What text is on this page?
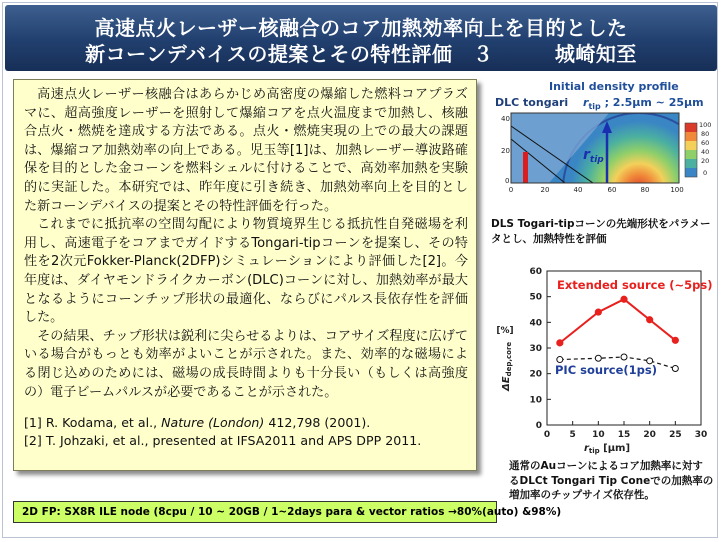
高速点火レーザー核融合のコア加熱効率向上を目的とした
新コーンデバイスの提案とその特性評価　３　　　城崎知至

高速点火レーザー核融合はあらかじめ高密度の爆縮した燃料コアプラズマに、超高強度レーザーを照射して爆縮コアを点火温度まで加熱し、核融合点火・燃焼を達成する方法である。点火・燃焼実現の上での最大の課題は、爆縮コア加熱効率の向上である。児玉等[1]は、加熱レーザー導波路確保を目的とした金コーンを燃料シェルに付けることで、高効率加熱を実験的に実証した。本研究では、昨年度に引き続き、加熱効率向上を目的とした新コーンデバイスの提案とその特性評価を行った。

これまでに抵抗率の空間勾配により物質境界生じる抵抗性自発磁場を利用し、高速電子をコアまでガイドするTongari-tipコーンを提案し、その特性を2次元Fokker-Planck(2DFP)シミュレーションにより評価した[2]。今年度は、ダイヤモンドライクカーボン(DLC)コーンに対し、加熱効率が最大となるようにコーンチップ形状の最適化、ならびにパルス長依存性を評価した。

その結果、チップ形状は鋭利に尖らせるよりは、コアサイズ程度に広げている場合がもっとも効率がよいことが示された。また、効率的な磁場による閉じ込めのためには、磁場の成長時間よりも十分長い（もしくは高強度の）電子ビームパルスが必要であることが示された。

[1] R. Kodama, et al., Nature (London) 412,798 (2001).
[2] T. Johzaki, et al., presented at IFSA2011 and APS DPP 2011.
Initial density profile
DLC tongari $r_{tip}$ ; 2.5μm ~ 25μm
$r_{tip}$
40
20
0
0	20	40	60	80	100
100
80
60
40
20
0
DLS Togari-tipコーンの先端形状をパラメー
タとし、加熱特性を評価
0 5 10 15 20 25 30
0
10
20
30
40
50
60
Extended source (~5ps)
PIC source(1ps)
[%]
$\Delta E_{dep,core}$
$r_{tip}$ [μm]
通常のAuコーンによるコア加熱率に対す
るDLCt Tongari Tip Coneでの加熱率の
増加率のチップサイズ依存性。
2D FP: SX8R ILE node (8cpu / 10 ~ 20GB / 1~2days para & vector ratios →80%(auto) &98%)
